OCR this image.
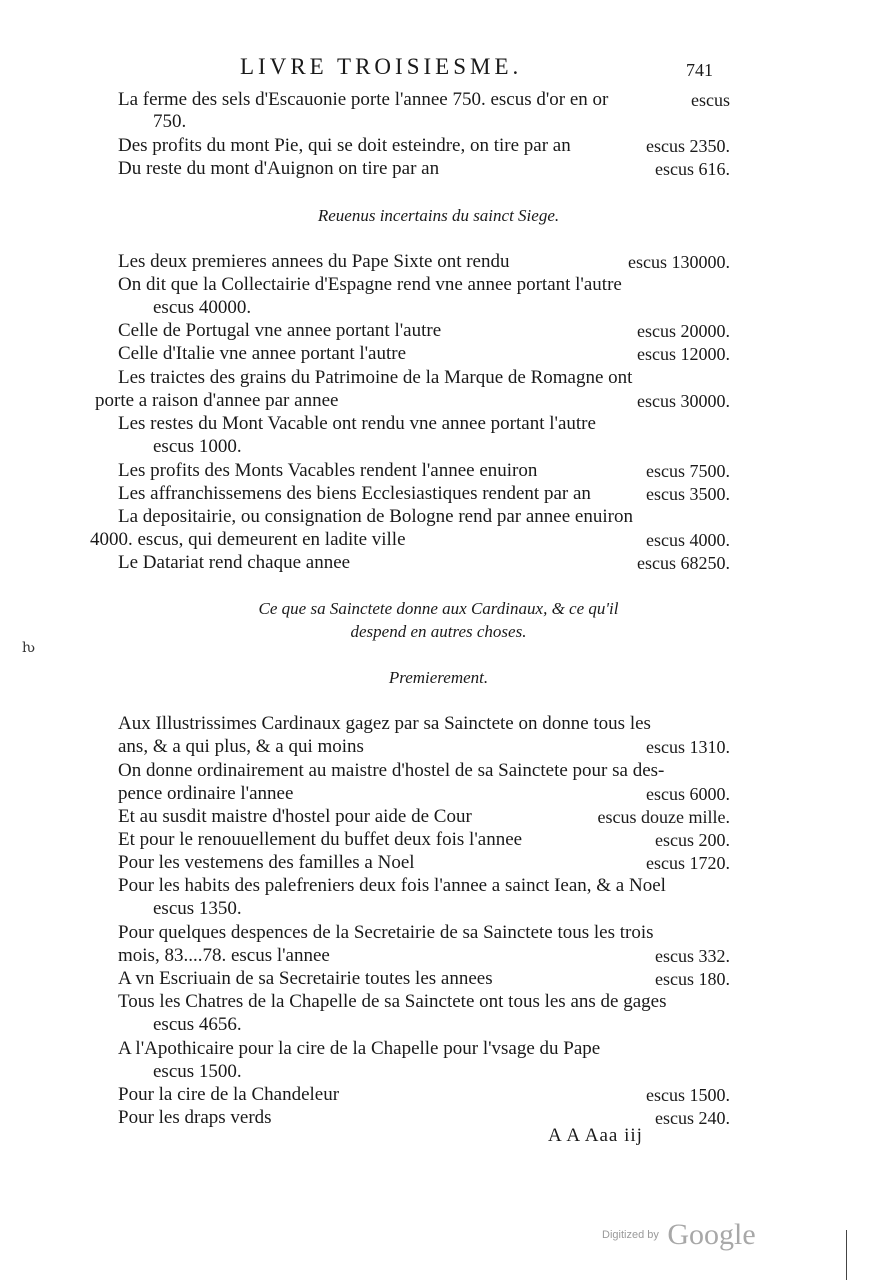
LIVRE TROISIESME.	741
La ferme des sels d'Escauonie porte l'annee 750. escus d'or en or	escus
750.
Des profits du mont Pie, qui se doit esteindre, on tire par an	escus 2350.
Du reste du mont d'Auignon on tire par an	escus 616.
Reuenus incertains du sainct Siege.
Les deux premieres annees du Pape Sixte ont rendu	escus 130000.
On dit que la Collectairie d'Espagne rend vne annee portant l'autre
escus 40000.
Celle de Portugal vne annee portant l'autre	escus 20000.
Celle d'Italie vne annee portant l'autre	escus 12000.
Les traictes des grains du Patrimoine de la Marque de Romagne ont
porte a raison d'annee par annee	escus 30000.
Les restes du Mont Vacable ont rendu vne annee portant l'autre
escus 1000.
Les profits des Monts Vacables rendent l'annee enuiron	escus 7500.
Les affranchissemens des biens Ecclesiastiques rendent par an	escus 3500.
La depositairie, ou consignation de Bologne rend par annee enuiron
4000. escus, qui demeurent en ladite ville	escus 4000.
Le Datariat rend chaque annee	escus 68250.
Ce que sa Sainctete donne aux Cardinaux, & ce qu'il
despend en autres choses.
ƕ
Premierement.
Aux Illustrissimes Cardinaux gagez par sa Sainctete on donne tous les
ans, & a qui plus, & a qui moins	escus 1310.
On donne ordinairement au maistre d'hostel de sa Sainctete pour sa des-
pence ordinaire l'annee	escus 6000.
Et au susdit maistre d'hostel pour aide de Cour	escus douze mille.
Et pour le renouuellement du buffet deux fois l'annee	escus 200.
Pour les vestemens des familles a Noel	escus 1720.
Pour les habits des palefreniers deux fois l'annee a sainct Iean, & a Noel
escus 1350.
Pour quelques despences de la Secretairie de sa Sainctete tous les trois
mois, 83....78. escus l'annee	escus 332.
A vn Escriuain de sa Secretairie toutes les annees	escus 180.
Tous les Chatres de la Chapelle de sa Sainctete ont tous les ans de gages
escus 4656.
A l'Apothicaire pour la cire de la Chapelle pour l'vsage du Pape
escus 1500.
Pour la cire de la Chandeleur	escus 1500.
Pour les draps verds	escus 240.
A A Aaa iij
$^{Digitized by}$ Google
